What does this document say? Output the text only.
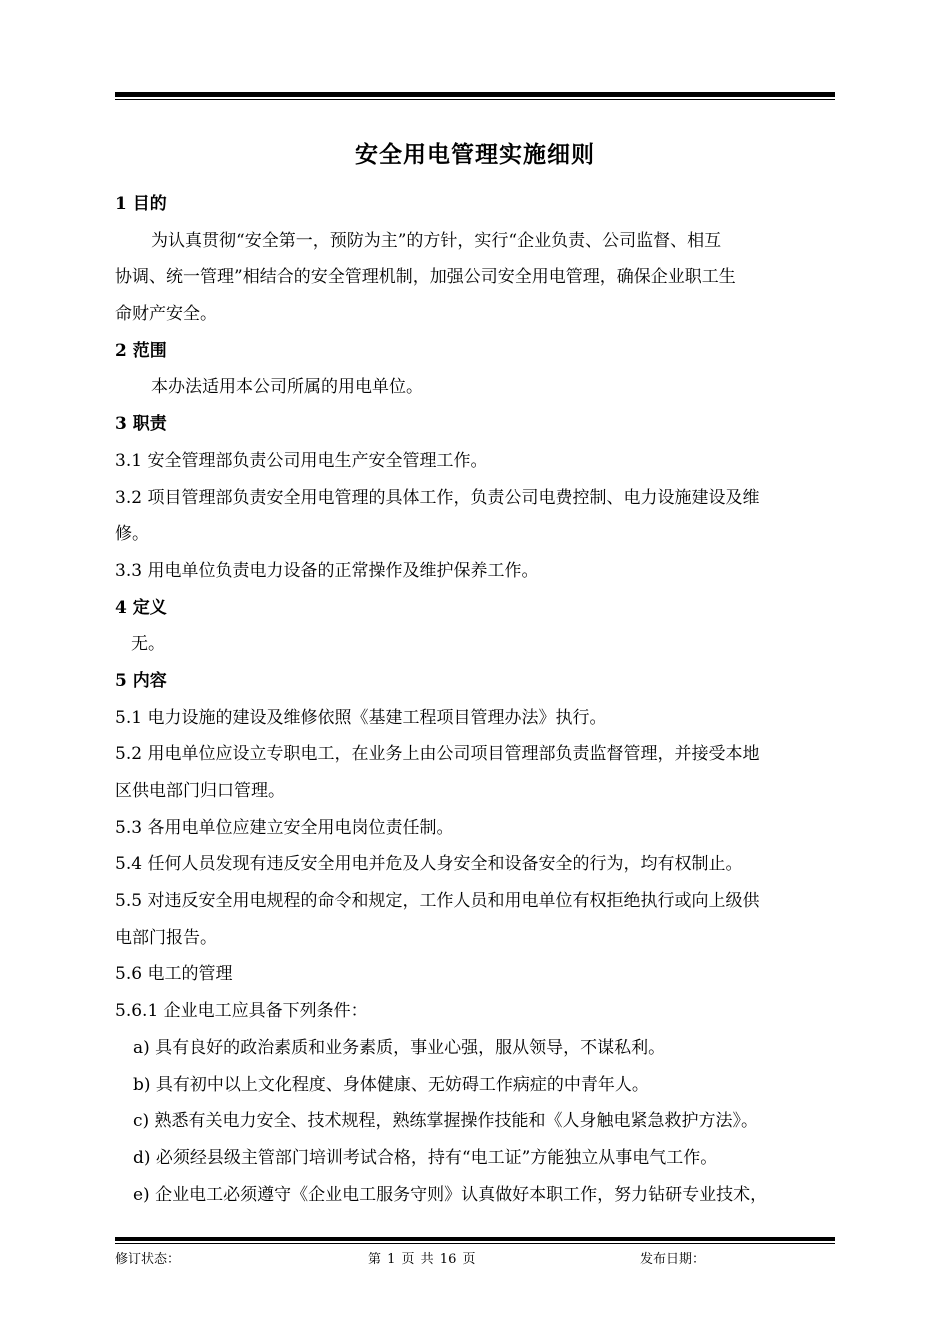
安全用电管理实施细则
1 目的
为认真贯彻“安全第一，预防为主”的方针，实行“企业负责、公司监督、相互
协调、统一管理”相结合的安全管理机制，加强公司安全用电管理，确保企业职工生
命财产安全。
2 范围
本办法适用本公司所属的用电单位。
3 职责
3.1 安全管理部负责公司用电生产安全管理工作。
3.2 项目管理部负责安全用电管理的具体工作，负责公司电费控制、电力设施建设及维
修。
3.3 用电单位负责电力设备的正常操作及维护保养工作。
4 定义
无。
5 内容
5.1 电力设施的建设及维修依照《基建工程项目管理办法》执行。
5.2 用电单位应设立专职电工，在业务上由公司项目管理部负责监督管理，并接受本地
区供电部门归口管理。
5.3 各用电单位应建立安全用电岗位责任制。
5.4 任何人员发现有违反安全用电并危及人身安全和设备安全的行为，均有权制止。
5.5 对违反安全用电规程的命令和规定，工作人员和用电单位有权拒绝执行或向上级供
电部门报告。
5.6 电工的管理
5.6.1 企业电工应具备下列条件：
a) 具有良好的政治素质和业务素质，事业心强，服从领导，不谋私利。
b) 具有初中以上文化程度、身体健康、无妨碍工作病症的中青年人。
c) 熟悉有关电力安全、技术规程，熟练掌握操作技能和《人身触电紧急救护方法》。
d) 必须经县级主管部门培训考试合格，持有“电工证”方能独立从事电气工作。
e) 企业电工必须遵守《企业电工服务守则》认真做好本职工作，努力钻研专业技术，
修订状态：	第 1 页 共 16 页	发布日期：
